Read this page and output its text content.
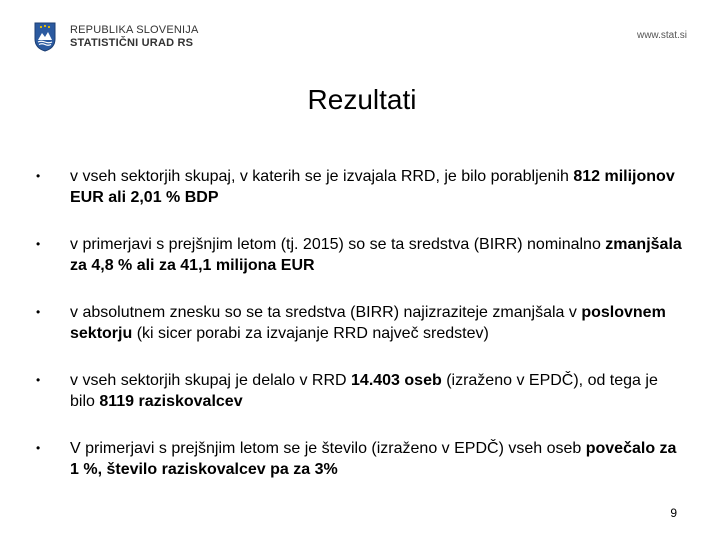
REPUBLIKA SLOVENIJA
STATISTIČNI URAD RS
www.stat.si
Rezultati
•	v vseh sektorjih skupaj, v katerih se je izvajala RRD, je bilo porabljenih 812 milijonov EUR ali 2,01 % BDP
•	v primerjavi s prejšnjim letom (tj. 2015) so se ta sredstva (BIRR) nominalno zmanjšala za 4,8 % ali za 41,1 milijona EUR
•	v absolutnem znesku so se ta sredstva (BIRR) najizraziteje zmanjšala v poslovnem sektorju (ki sicer porabi za izvajanje RRD največ sredstev)
•	v vseh sektorjih skupaj je delalo v RRD 14.403 oseb (izraženo v EPDČ), od tega je bilo 8119 raziskovalcev
•	V primerjavi s prejšnjim letom se je število (izraženo v EPDČ) vseh oseb povečalo za 1 %, število raziskovalcev pa za 3%
9
